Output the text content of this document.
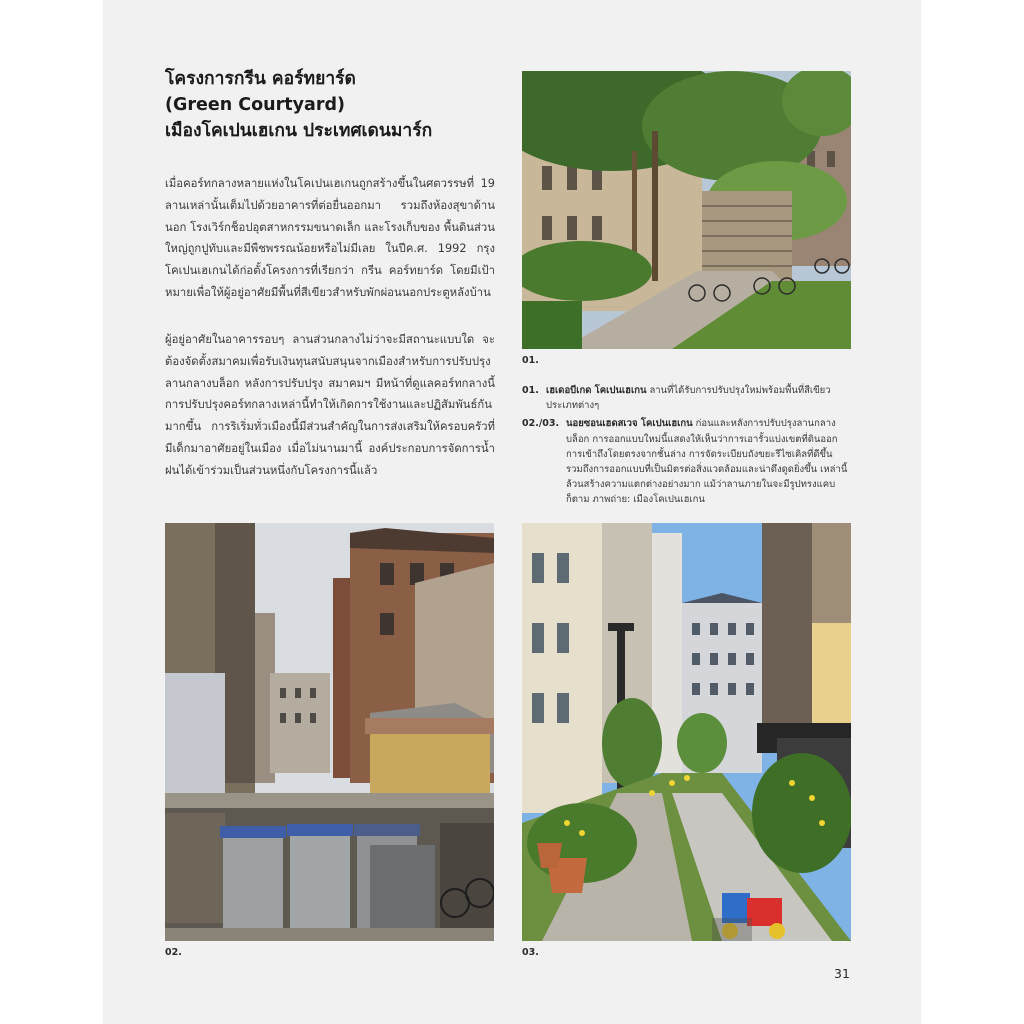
โครงการกรีน คอร์ทยาร์ด
(Green Courtyard)
เมืองโคเปนเฮเกน ประเทศเดนมาร์ก
เมื่อคอร์ทกลางหลายแห่งในโคเปนเฮเกนถูกสร้างขึ้นในศตวรรษที่ 19 ลานเหล่านั้นเต็มไปด้วยอาคารที่ต่อยื่นออกมา รวมถึงห้องสุขาด้านนอก โรงเวิร์กช็อปอุตสาหกรรมขนาดเล็ก และโรงเก็บของ พื้นดินส่วนใหญ่ถูกปูทับและมีพืชพรรณน้อยหรือไม่มีเลย ในปีค.ศ. 1992 กรุงโคเปนเฮเกนได้ก่อตั้งโครงการที่เรียกว่า กรีน คอร์ทยาร์ด โดยมีเป้าหมายเพื่อให้ผู้อยู่อาศัยมีพื้นที่สีเขียวสำหรับพักผ่อนนอกประตูหลังบ้าน
ผู้อยู่อาศัยในอาคารรอบๆ ลานส่วนกลางไม่ว่าจะมีสถานะแบบใด จะต้องจัดตั้งสมาคมเพื่อรับเงินทุนสนับสนุนจากเมืองสำหรับการปรับปรุงลานกลางบล็อก หลังการปรับปรุง สมาคมฯ มีหน้าที่ดูแลคอร์ทกลางนี้ การปรับปรุงคอร์ทกลางเหล่านี้ทำให้เกิดการใช้งานและปฏิสัมพันธ์กันมากขึ้น การริเริ่มทั่วเมืองนี้มีส่วนสำคัญในการส่งเสริมให้ครอบครัวที่มีเด็กมาอาศัยอยู่ในเมือง เมื่อไม่นานมานี้ องค์ประกอบการจัดการน้ำฝนได้เข้าร่วมเป็นส่วนหนึ่งกับโครงการนี้แล้ว
01.
01. เฮเดอบีเกด โคเปนเฮเกน ลานที่ได้รับการปรับปรุงใหม่พร้อมพื้นที่สีเขียวประเภทต่างๆ
02./03. นอยซอนเฮดสเวจ โคเปนเฮเกน ก่อนและหลังการปรับปรุงลานกลางบล็อก การออกแบบใหม่นี้แสดงให้เห็นว่าการเอารั้วแบ่งเขตที่ดินออก การเข้าถึงโดยตรงจากชั้นล่าง การจัดระเบียบถังขยะรีไซเคิลที่ดีขึ้น รวมถึงการออกแบบที่เป็นมิตรต่อสิ่งแวดล้อมและน่าดึงดูดยิ่งขึ้น เหล่านี้ล้วนสร้างความแตกต่างอย่างมาก แม้ว่าลานภายในจะมีรูปทรงแคบก็ตาม ภาพถ่าย: เมืองโคเปนเฮเกน
02.	03.
31
